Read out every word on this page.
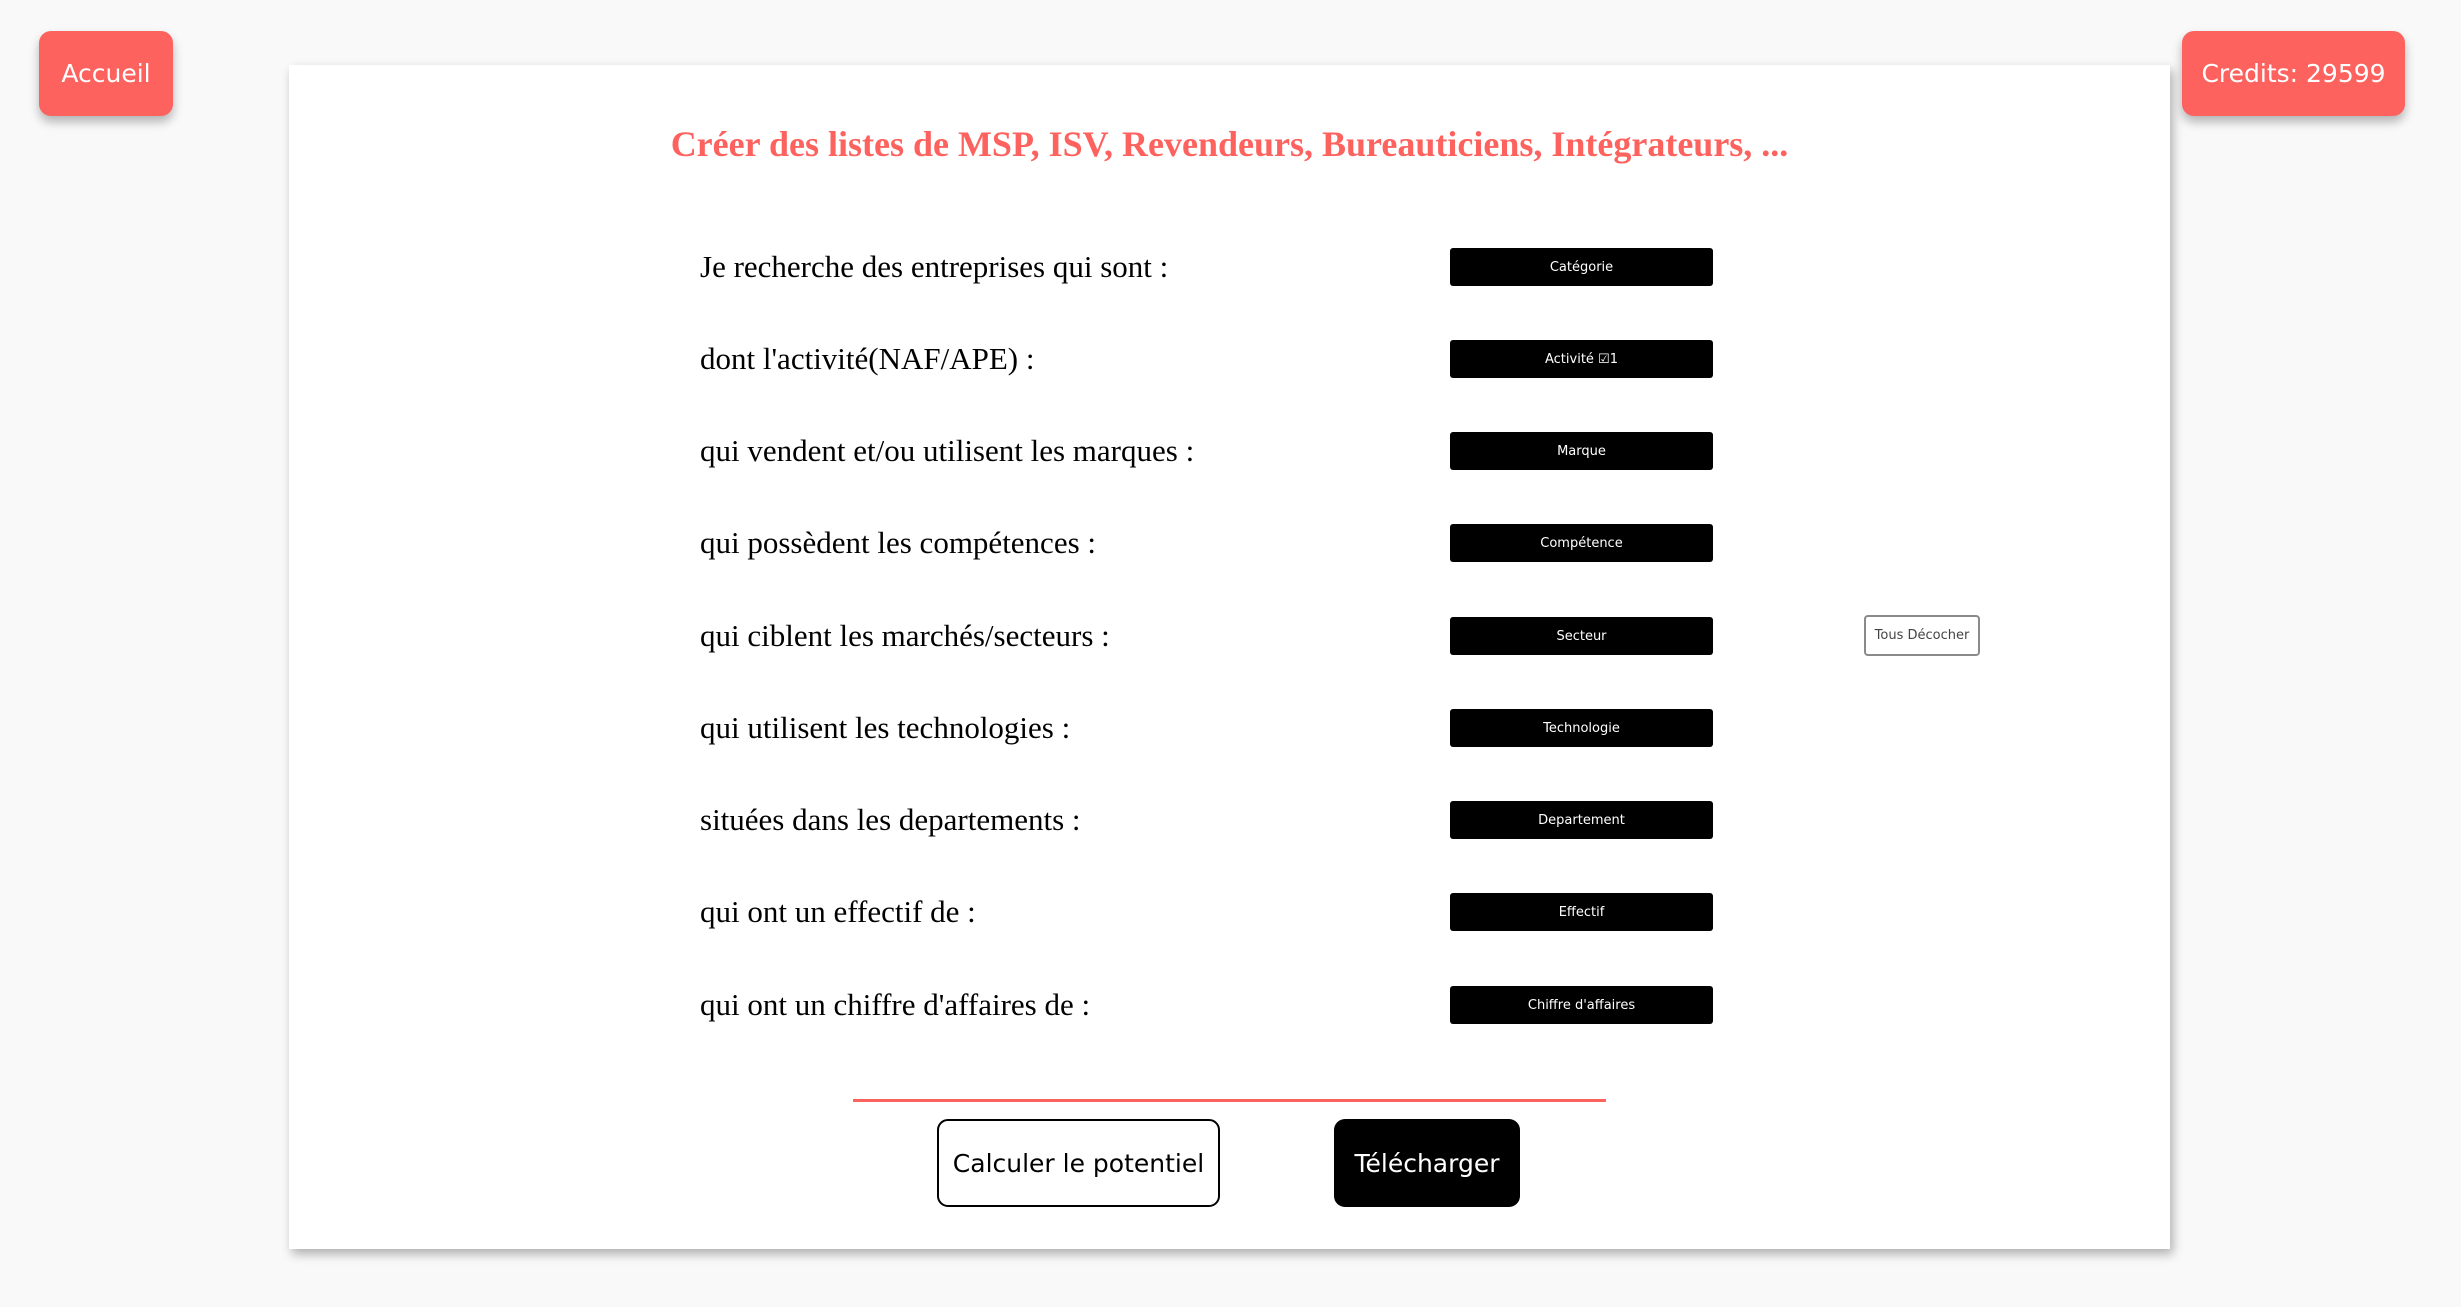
Accueil	Credits: 29599
Créer des listes de MSP, ISV, Revendeurs, Bureauticiens, Intégrateurs, ...
Je recherche des entreprises qui sont :	Catégorie
dont l'activité(NAF/APE) :	Activité ☑1
qui vendent et/ou utilisent les marques :	Marque
qui possèdent les compétences :	Compétence
qui ciblent les marchés/secteurs :	Secteur	Tous Décocher
qui utilisent les technologies :	Technologie
situées dans les departements :	Departement
qui ont un effectif de :	Effectif
qui ont un chiffre d'affaires de :	Chiffre d'affaires
Calculer le potentiel	Télécharger
